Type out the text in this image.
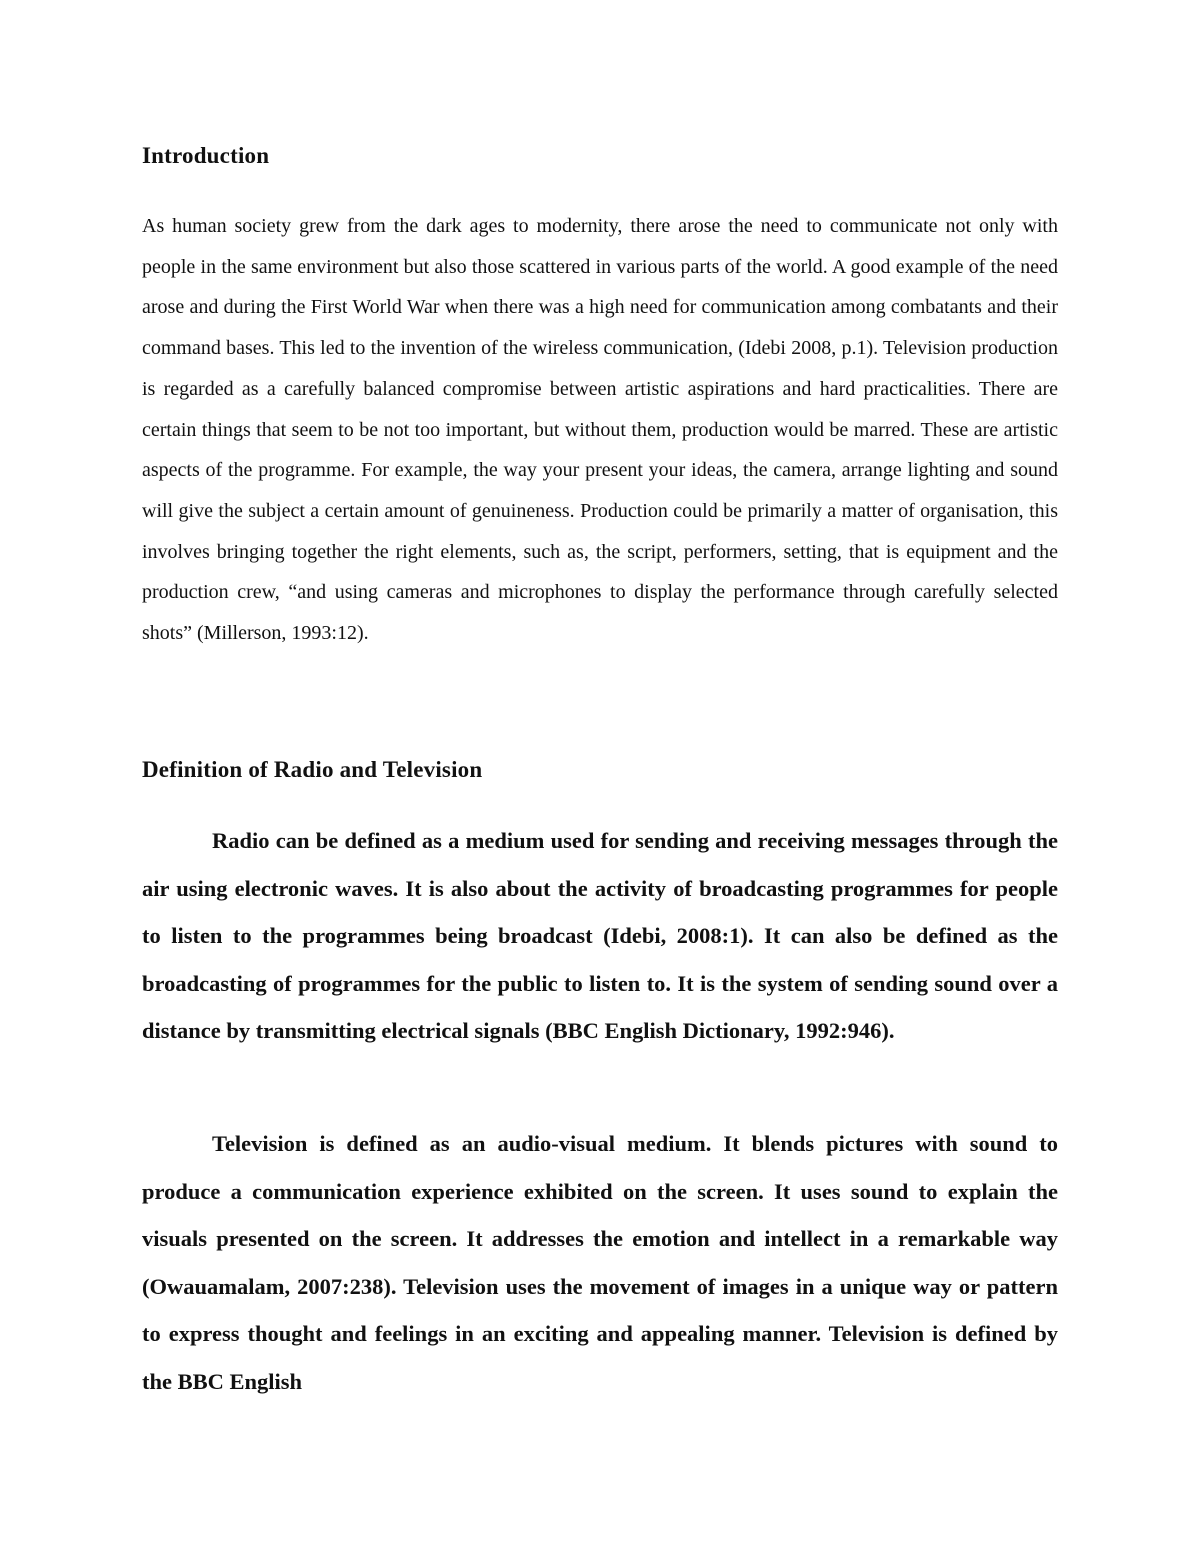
Introduction

As human society grew from the dark ages to modernity, there arose the need to communicate not only with people in the same environment but also those scattered in various parts of the world. A good example of the need arose and during the First World War when there was a high need for communication among combatants and their command bases. This led to the invention of the wireless communication, (Idebi 2008, p.1). Television production is regarded as a carefully balanced compromise between artistic aspirations and hard practicalities. There are certain things that seem to be not too important, but without them, production would be marred. These are artistic aspects of the programme. For example, the way your present your ideas, the camera, arrange lighting and sound will give the subject a certain amount of genuineness. Production could be primarily a matter of organisation, this involves bringing together the right elements, such as, the script, performers, setting, that is equipment and the production crew, “and using cameras and microphones to display the performance through carefully selected shots” (Millerson, 1993:12).

Definition of Radio and Television

Radio can be defined as a medium used for sending and receiving messages through the air using electronic waves. It is also about the activity of broadcasting programmes for people to listen to the programmes being broadcast (Idebi, 2008:1). It can also be defined as the broadcasting of programmes for the public to listen to. It is the system of sending sound over a distance by transmitting electrical signals (BBC English Dictionary, 1992:946).

Television is defined as an audio-visual medium. It blends pictures with sound to produce a communication experience exhibited on the screen. It uses sound to explain the visuals presented on the screen. It addresses the emotion and intellect in a remarkable way (Owauamalam, 2007:238). Television uses the movement of images in a unique way or pattern to express thought and feelings in an exciting and appealing manner. Television is defined by the BBC English
